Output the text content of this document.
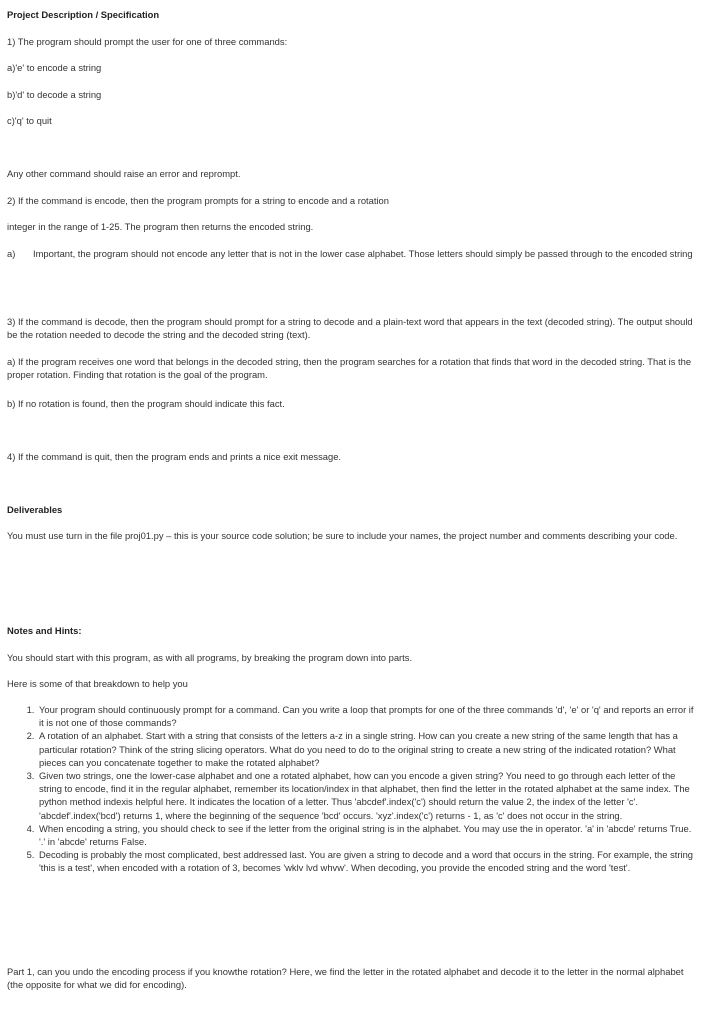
Project Description / Specification
1) The program should prompt the user for one of three commands:
a)'e' to encode a string
b)'d' to decode a string
c)'q' to quit
Any other command should raise an error and reprompt.
2) If the command is encode, then the program prompts for a string to encode and a rotation
integer in the range of 1-25. The program then returns the encoded string.
a) Important, the program should not encode any letter that is not in the lower case alphabet. Those letters should simply be passed through to the encoded string
3) If the command is decode, then the program should prompt for a string to decode and a plain-text word that appears in the text (decoded string). The output should be the rotation needed to decode the string and the decoded string (text).
a) If the program receives one word that belongs in the decoded string, then the program searches for a rotation that finds that word in the decoded string. That is the proper rotation. Finding that rotation is the goal of the program.
b) If no rotation is found, then the program should indicate this fact.
4) If the command is quit, then the program ends and prints a nice exit message.
Deliverables
You must use turn in the file proj01.py – this is your source code solution; be sure to include your names, the project number and comments describing your code.
Notes and Hints:
You should start with this program, as with all programs, by breaking the program down into parts.
Here is some of that breakdown to help you
1. Your program should continuously prompt for a command. Can you write a loop that prompts for one of the three commands 'd', 'e' or 'q' and reports an error if it is not one of those commands?
2. A rotation of an alphabet. Start with a string that consists of the letters a-z in a single string. How can you create a new string of the same length that has a particular rotation? Think of the string slicing operators. What do you need to do to the original string to create a new string of the indicated rotation? What pieces can you concatenate together to make the rotated alphabet?
3. Given two strings, one the lower-case alphabet and one a rotated alphabet, how can you encode a given string? You need to go through each letter of the string to encode, find it in the regular alphabet, remember its location/index in that alphabet, then find the letter in the rotated alphabet at the same index. The python method indexis helpful here. It indicates the location of a letter. Thus 'abcdef'.index('c') should return the value 2, the index of the letter 'c'. 'abcdef'.index('bcd') returns 1, where the beginning of the sequence 'bcd' occurs. 'xyz'.index('c') returns - 1, as 'c' does not occur in the string.
4. When encoding a string, you should check to see if the letter from the original string is in the alphabet. You may use the in operator. 'a' in 'abcde' returns True. '.' in 'abcde' returns False.
5. Decoding is probably the most complicated, best addressed last. You are given a string to decode and a word that occurs in the string. For example, the string 'this is a test', when encoded with a rotation of 3, becomes 'wklv lvd whvw'. When decoding, you provide the encoded string and the word 'test'.
Part 1, can you undo the encoding process if you knowthe rotation? Here, we find the letter in the rotated alphabet and decode it to the letter in the normal alphabet (the opposite for what we did for encoding).
